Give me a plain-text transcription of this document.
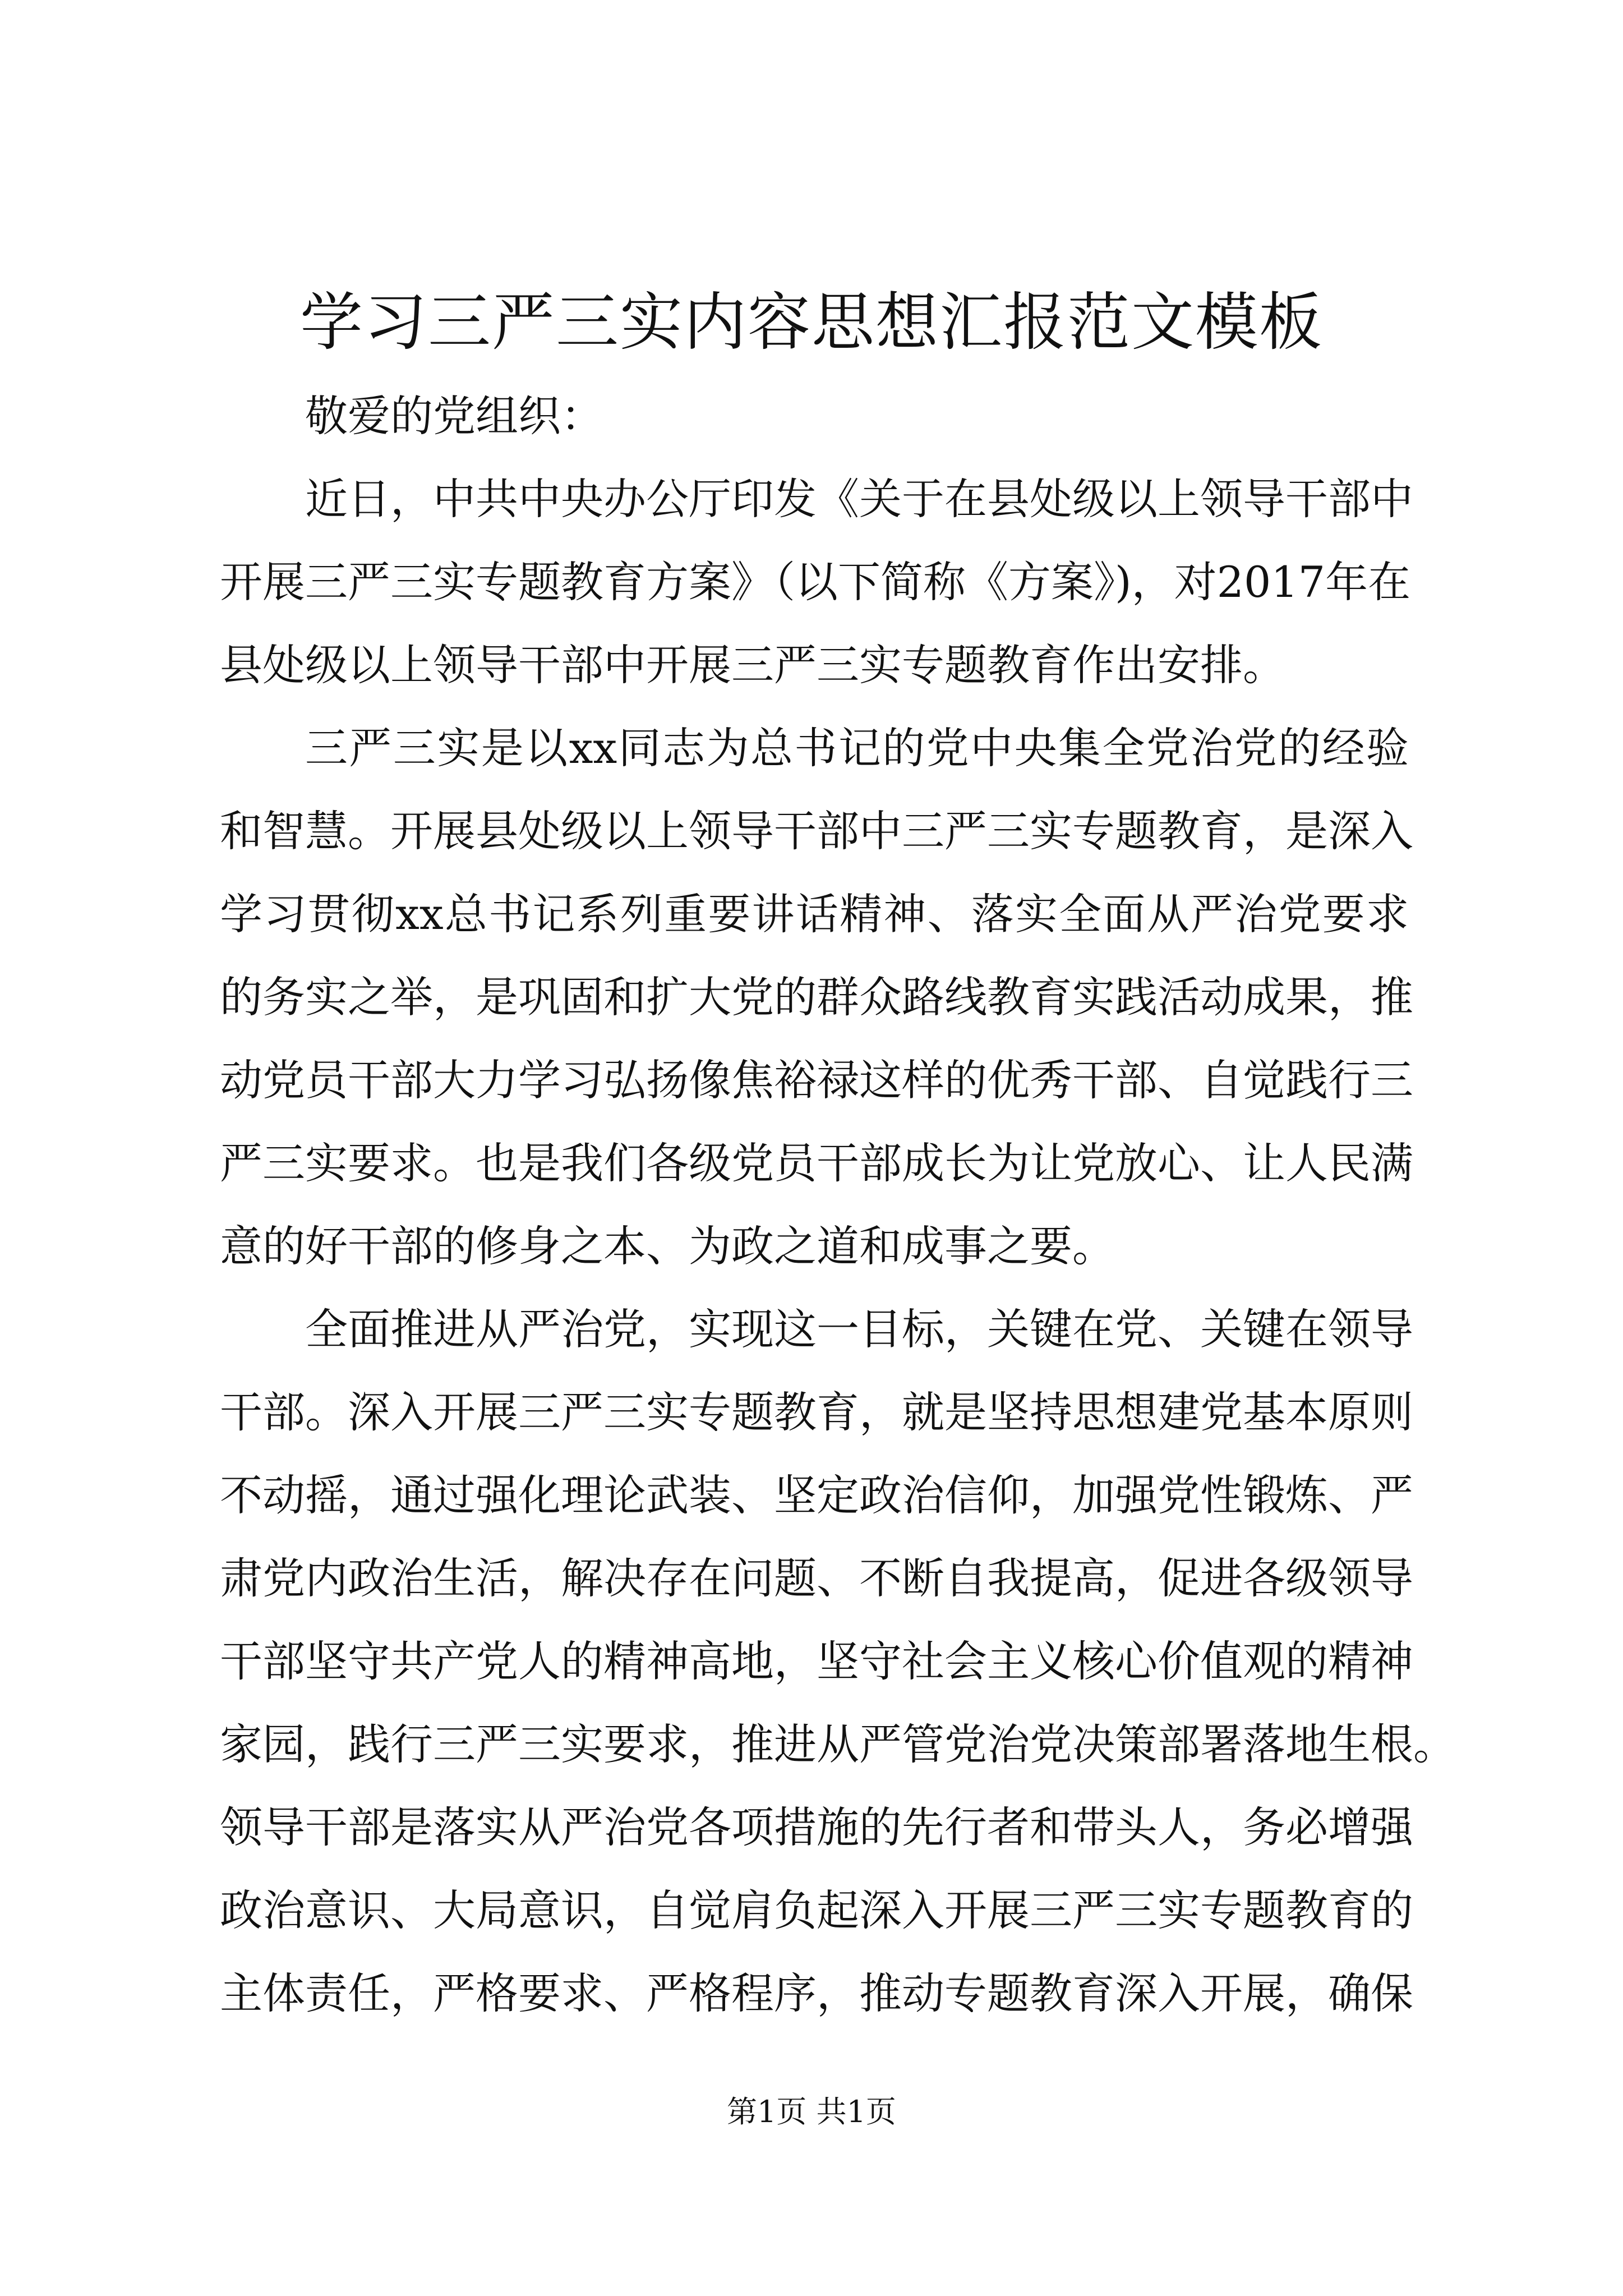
学习三严三实内容思想汇报范文模板
敬爱的党组织：
近日，中共中央办公厅印发《关于在县处级以上领导干部中
开展三严三实专题教育方案》（以下简称《方案》)，对2017年在
县处级以上领导干部中开展三严三实专题教育作出安排。
三严三实是以xx同志为总书记的党中央集全党治党的经验
和智慧。开展县处级以上领导干部中三严三实专题教育，是深入
学习贯彻xx总书记系列重要讲话精神、落实全面从严治党要求
的务实之举，是巩固和扩大党的群众路线教育实践活动成果，推
动党员干部大力学习弘扬像焦裕禄这样的优秀干部、自觉践行三
严三实要求。也是我们各级党员干部成长为让党放心、让人民满
意的好干部的修身之本、为政之道和成事之要。
全面推进从严治党，实现这一目标，关键在党、关键在领导
干部。深入开展三严三实专题教育，就是坚持思想建党基本原则
不动摇，通过强化理论武装、坚定政治信仰，加强党性锻炼、严
肃党内政治生活，解决存在问题、不断自我提高，促进各级领导
干部坚守共产党人的精神高地，坚守社会主义核心价值观的精神
家园，践行三严三实要求，推进从严管党治党决策部署落地生根。
领导干部是落实从严治党各项措施的先行者和带头人，务必增强
政治意识、大局意识，自觉肩负起深入开展三严三实专题教育的
主体责任，严格要求、严格程序，推动专题教育深入开展，确保
第1页 共1页
